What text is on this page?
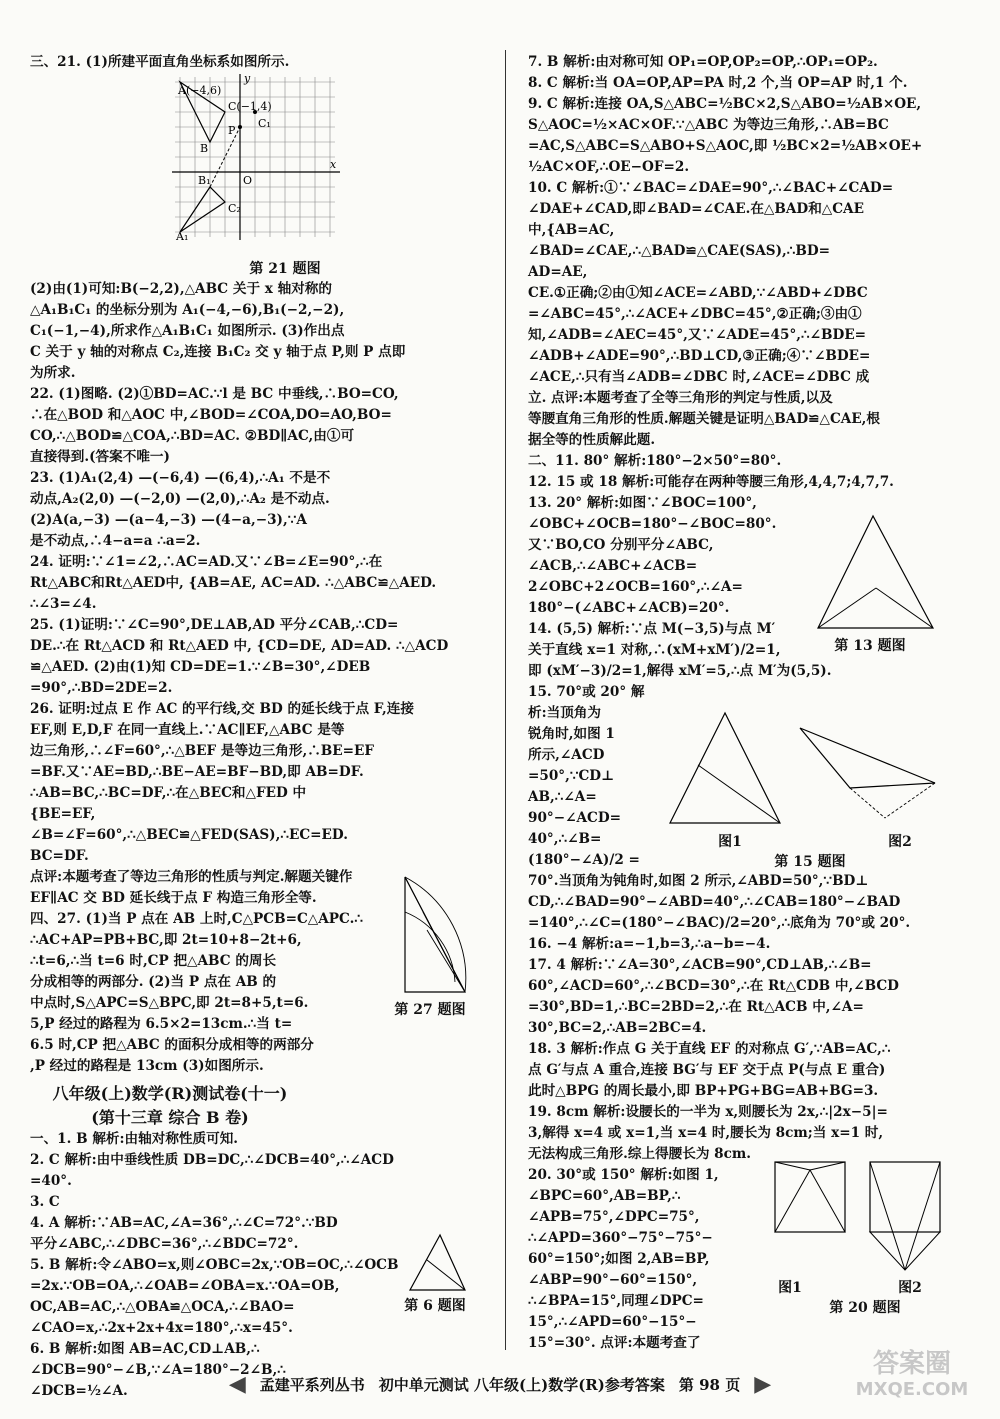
三、21. (1)所建平面直角坐标系如图所示.
第 21 题图
(2)由(1)可知:B(−2,2),△ABC 关于 x 轴对称的
△A₁B₁C₁ 的坐标分别为 A₁(−4,−6),B₁(−2,−2),
C₁(−1,−4),所求作△A₁B₁C₁ 如图所示. (3)作出点
C 关于 y 轴的对称点 C₂,连接 B₁C₂ 交 y 轴于点 P,则 P 点即
为所求.
22. (1)图略. (2)①BD=AC.∵l 是 BC 中垂线,∴BO=CO,
∴在△BOD 和△AOC 中,∠BOD=∠COA,DO=AO,BO=
CO,∴△BOD≌△COA,∴BD=AC. ②BD∥AC,由①可
直接得到.(答案不唯一)
23. (1)A₁(2,4) —(−6,4) —(6,4),∴A₁ 不是不
动点,A₂(2,0) —(−2,0) —(2,0),∴A₂ 是不动点.
(2)A(a,−3) —(a−4,−3) —(4−a,−3),∵A
是不动点,∴4−a=a ∴a=2.
24. 证明:∵∠1=∠2,∴AC=AD.又∵∠B=∠E=90°,∴在
Rt△ABC和Rt△AED中, {AB=AE, AC=AD. ∴△ABC≌△AED.
∴∠3=∠4.
25. (1)证明:∵∠C=90°,DE⊥AB,AD 平分∠CAB,∴CD=
DE.∴在 Rt△ACD 和 Rt△AED 中, {CD=DE, AD=AD. ∴△ACD
≌△AED. (2)由(1)知 CD=DE=1.∵∠B=30°,∠DEB
=90°,∴BD=2DE=2.
26. 证明:过点 E 作 AC 的平行线,交 BD 的延长线于点 F,连接
EF,则 E,D,F 在同一直线上.∵AC∥EF,△ABC 是等
边三角形,∴∠F=60°,∴△BEF 是等边三角形,∴BE=EF
=BF.又∵AE=BD,∴BE−AE=BF−BD,即 AB=DF.
∴AB=BC,∴BC=DF,∴在△BEC和△FED 中
{BE=EF,
∠B=∠F=60°,∴△BEC≌△FED(SAS),∴EC=ED.
BC=DF.
点评:本题考查了等边三角形的性质与判定.解题关键作
EF∥AC 交 BD 延长线于点 F 构造三角形全等.
四、27. (1)当 P 点在 AB 上时,C△PCB=C△APC.∴
∴AC+AP=PB+BC,即 2t=10+8−2t+6,
∴t=6,∴当 t=6 时,CP 把△ABC 的周长
分成相等的两部分. (2)当 P 点在 AB 的
中点时,S△APC=S△BPC,即 2t=8+5,t=6.
5,P 经过的路程为 6.5×2=13cm.∴当 t=
6.5 时,CP 把△ABC 的面积分成相等的两部分
,P 经过的路程是 13cm (3)如图所示.
八年级(上)数学(R)测试卷(十一)
(第十三章 综合 B 卷)
一、1. B 解析:由轴对称性质可知.
2. C 解析:由中垂线性质 DB=DC,∴∠DCB=40°,∴∠ACD
=40°.
3. C
4. A 解析:∵AB=AC,∠A=36°,∴∠C=72°.∵BD
平分∠ABC,∴∠DBC=36°,∴∠BDC=72°.
5. B 解析:令∠ABO=x,则∠OBC=2x,∵OB=OC,∴∠OCB
=2x.∵OB=OA,∴∠OAB=∠OBA=x.∵OA=OB,
OC,AB=AC,∴△OBA≌△OCA,∴∠BAO=
∠CAO=x,∴2x+2x+4x=180°,∴x=45°.
6. B 解析:如图 AB=AC,CD⊥AB,∴
∠DCB=90°−∠B,∵∠A=180°−2∠B,∴
∠DCB=½∠A.
A(−4,6)
C(−1,4)
P
C₁
B
B₁	O
C₂
A₁
x
y
第 27 题图
第 6 题图
7. B 解析:由对称可知 OP₁=OP,OP₂=OP,∴OP₁=OP₂.
8. C 解析:当 OA=OP,AP=PA 时,2 个,当 OP=AP 时,1 个.
9. C 解析:连接 OA,S△ABC=½BC×2,S△ABO=½AB×OE,
S△AOC=½×AC×OF.∵△ABC 为等边三角形,∴AB=BC
=AC,S△ABC=S△ABO+S△AOC,即 ½BC×2=½AB×OE+
½AC×OF,∴OE−OF=2.
10. C 解析:①∵∠BAC=∠DAE=90°,∴∠BAC+∠CAD=
∠DAE+∠CAD,即∠BAD=∠CAE.在△BAD和△CAE
中,{AB=AC,
∠BAD=∠CAE,∴△BAD≌△CAE(SAS),∴BD=
AD=AE,
CE.①正确;②由①知∠ACE=∠ABD,∵∠ABD+∠DBC
=∠ABC=45°,∴∠ACE+∠DBC=45°,②正确;③由①
知,∠ADB=∠AEC=45°,又∵∠ADE=45°,∴∠BDE=
∠ADB+∠ADE=90°,∴BD⊥CD,③正确;④∵∠BDE=
∠ACE,∴只有当∠ADB=∠DBC 时,∠ACE=∠DBC 成
立. 点评:本题考查了全等三角形的判定与性质,以及
等腰直角三角形的性质.解题关键是证明△BAD≌△CAE,根
据全等的性质解此题.
二、11. 80° 解析:180°−2×50°=80°.
12. 15 或 18 解析:可能存在两种等腰三角形,4,4,7;4,7,7.
13. 20° 解析:如图∵∠BOC=100°,
∠OBC+∠OCB=180°−∠BOC=80°.
又∵BO,CO 分别平分∠ABC,
∠ACB,∴∠ABC+∠ACB=
2∠OBC+2∠OCB=160°,∴∠A=
180°−(∠ABC+∠ACB)=20°.
14. (5,5) 解析:∵点 M(−3,5)与点 M′
关于直线 x=1 对称,∴(xM+xM′)/2=1,
即 (xM′−3)/2=1,解得 xM′=5,∴点 M′为(5,5).
15. 70°或 20° 解
析:当顶角为
锐角时,如图 1
所示,∠ACD
=50°,∵CD⊥
AB,∴∠A=
90°−∠ACD=
40°,∴∠B=
(180°−∠A)/2 =
70°.当顶角为钝角时,如图 2 所示,∠ABD=50°,∵BD⊥
CD,∴∠BAD=90°−∠ABD=40°,∴∠CAB=180°−∠BAD
=140°,∴∠C=(180°−∠BAC)/2=20°,∴底角为 70°或 20°.
16. −4 解析:a=−1,b=3,∴a−b=−4.
17. 4 解析:∵∠A=30°,∠ACB=90°,CD⊥AB,∴∠B=
60°,∠ACD=60°,∴∠BCD=30°,∴在 Rt△CDB 中,∠BCD
=30°,BD=1,∴BC=2BD=2,∴在 Rt△ACB 中,∠A=
30°,BC=2,∴AB=2BC=4.
18. 3 解析:作点 G 关于直线 EF 的对称点 G′,∵AB=AC,∴
点 G′与点 A 重合,连接 BG′与 EF 交于点 P(与点 E 重合)
此时△BPG 的周长最小,即 BP+PG+BG=AB+BG=3.
19. 8cm 解析:设腰长的一半为 x,则腰长为 2x,∴|2x−5|=
3,解得 x=4 或 x=1,当 x=4 时,腰长为 8cm;当 x=1 时,
无法构成三角形.综上得腰长为 8cm.
20. 30°或 150° 解析:如图 1,
∠BPC=60°,AB=BP,∴
∠APB=75°,∠DPC=75°,
∴∠APD=360°−75°−75°−
60°=150°;如图 2,AB=BP,
∠ABP=90°−60°=150°,
∴∠BPA=15°,同理∠DPC=
15°,∴∠APD=60°−15°−
15°=30°. 点评:本题考查了
第 13 题图
图1
第 15 题图
图2
图1	图2
第 20 题图
◀ 孟建平系列丛书 初中单元测试 八年级(上)数学(R)参考答案 第 98 页 ▶
答案圈
MXQE.COM
